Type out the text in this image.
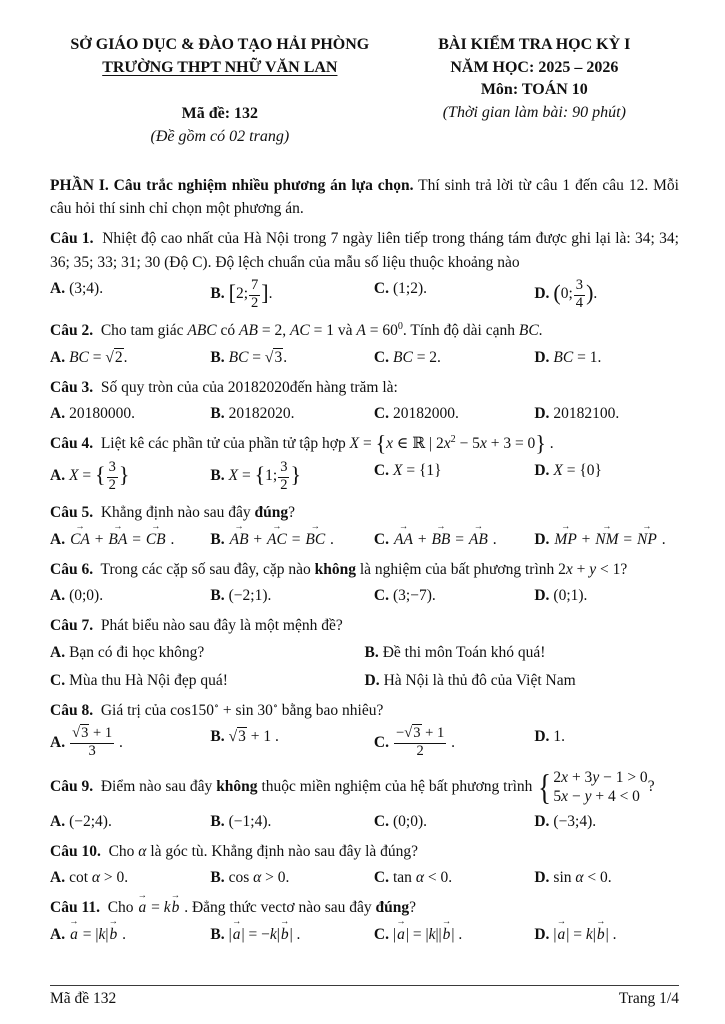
SỞ GIÁO DỤC & ĐÀO TẠO HẢI PHÒNG
TRƯỜNG THPT NHỮ VĂN LAN
Mã đề: 132
(Đề gồm có 02 trang)
BÀI KIỂM TRA HỌC KỲ I
NĂM HỌC: 2025 – 2026
Môn: TOÁN 10
(Thời gian làm bài: 90 phút)
PHẦN I. Câu trắc nghiệm nhiều phương án lựa chọn. Thí sinh trả lời từ câu 1 đến câu 12. Mỗi câu hỏi thí sinh chỉ chọn một phương án.
Câu 1.  Nhiệt độ cao nhất của Hà Nội trong 7 ngày liên tiếp trong tháng tám được ghi lại là: 34; 34; 36; 35; 33; 31; 30 (Độ C). Độ lệch chuẩn của mẫu số liệu thuộc khoảng nào
A. (3;4).	B. [2; $\frac{7}{2}$ ].	C. (1;2).	D. (0; $\frac{3}{4}$ ).
Câu 2.  Cho tam giác ABC có AB = 2, AC = 1 và $A = 60^0$. Tính độ dài cạnh BC.
A. BC = √2.	B. BC = √3.	C. BC = 2.	D. BC = 1.
Câu 3.  Số quy tròn của của 20182020đến hàng trăm là:
A. 20180000.	B. 20182020.	C. 20182000.	D. 20182100.
Câu 4.  Liệt kê các phần tử của phần tử tập hợp X = {x ∈ ℝ | $2x^2 - 5x + 3 = 0$} .
A. X = { $\frac{3}{2}$ }	B. X = {1; $\frac{3}{2}$ }	C. X = {1}	D. X = {0}
Câu 5.  Khẳng định nào sau đây đúng?
A. → CA + → BA = → CB .	B. → AB + → AC = → BC .	C. → AA + → BB = → AB .	D. → MP + → NM = → NP .
Câu 6.  Trong các cặp số sau đây, cặp nào không là nghiệm của bất phương trình 2x + y < 1?
A. (0;0).	B. (−2;1).	C. (3;−7).	D. (0;1).
Câu 7.  Phát biểu nào sau đây là một mệnh đề?
A. Bạn có đi học không?	B. Đề thi môn Toán khó quá!
C. Mùa thu Hà Nội đẹp quá!	D. Hà Nội là thủ đô của Việt Nam
Câu 8.  Giá trị của cos150∘ + sin 30∘ bằng bao nhiêu?
A. $\frac{√3 + 1}{3}$ .	B. √3 + 1 .	C. $\frac{-√3 + 1}{2}$ .	D. 1.
Câu 9.  Điểm nào sau đây không thuộc miền nghiệm của hệ bất phương trình { 2x + 3y − 1 > 0
5x − y + 4 < 0
?
A. (−2;4).	B. (−1;4).	C. (0;0).	D. (−3;4).
Câu 10.  Cho α là góc tù. Khẳng định nào sau đây là đúng?
A. cot α > 0.	B. cos α > 0.	C. tan α < 0.	D. sin α < 0.
Câu 11.  Cho → a = k→ b . Đẳng thức vectơ nào sau đây đúng?
A. → a = |k|→ b .	B. |→ a| = −k|→ b| .	C. |→ a| = |k||→ b| .	D. |→ a| = k|→ b| .
Mã đề 132	Trang 1/4
